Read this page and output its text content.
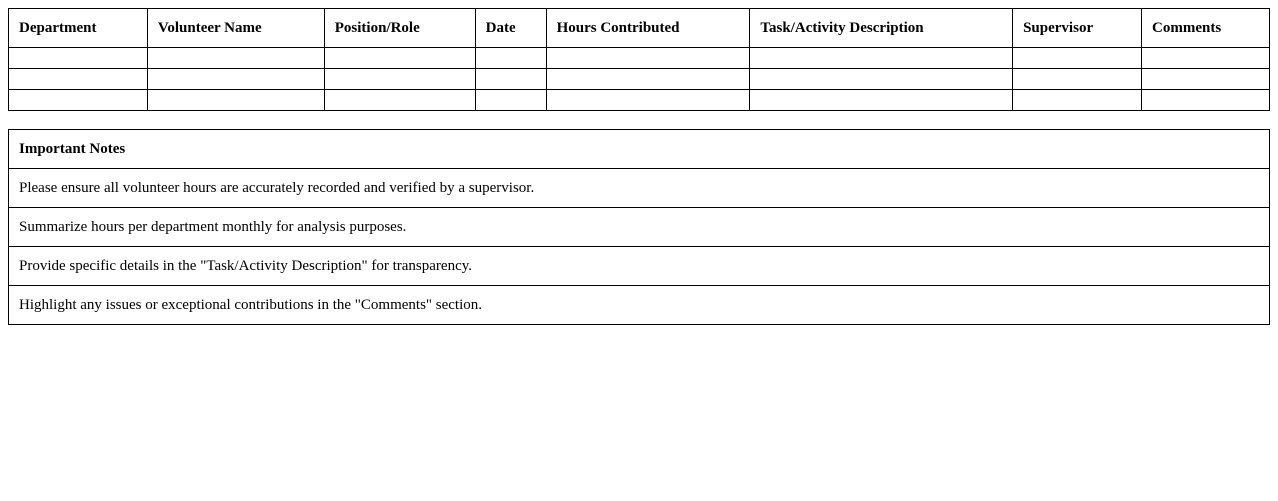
Department	Volunteer Name	Position/Role	Date	Hours Contributed	Task/Activity Description	Supervisor	Comments

Important Notes
Please ensure all volunteer hours are accurately recorded and verified by a supervisor.
Summarize hours per department monthly for analysis purposes.
Provide specific details in the "Task/Activity Description" for transparency.
Highlight any issues or exceptional contributions in the "Comments" section.
